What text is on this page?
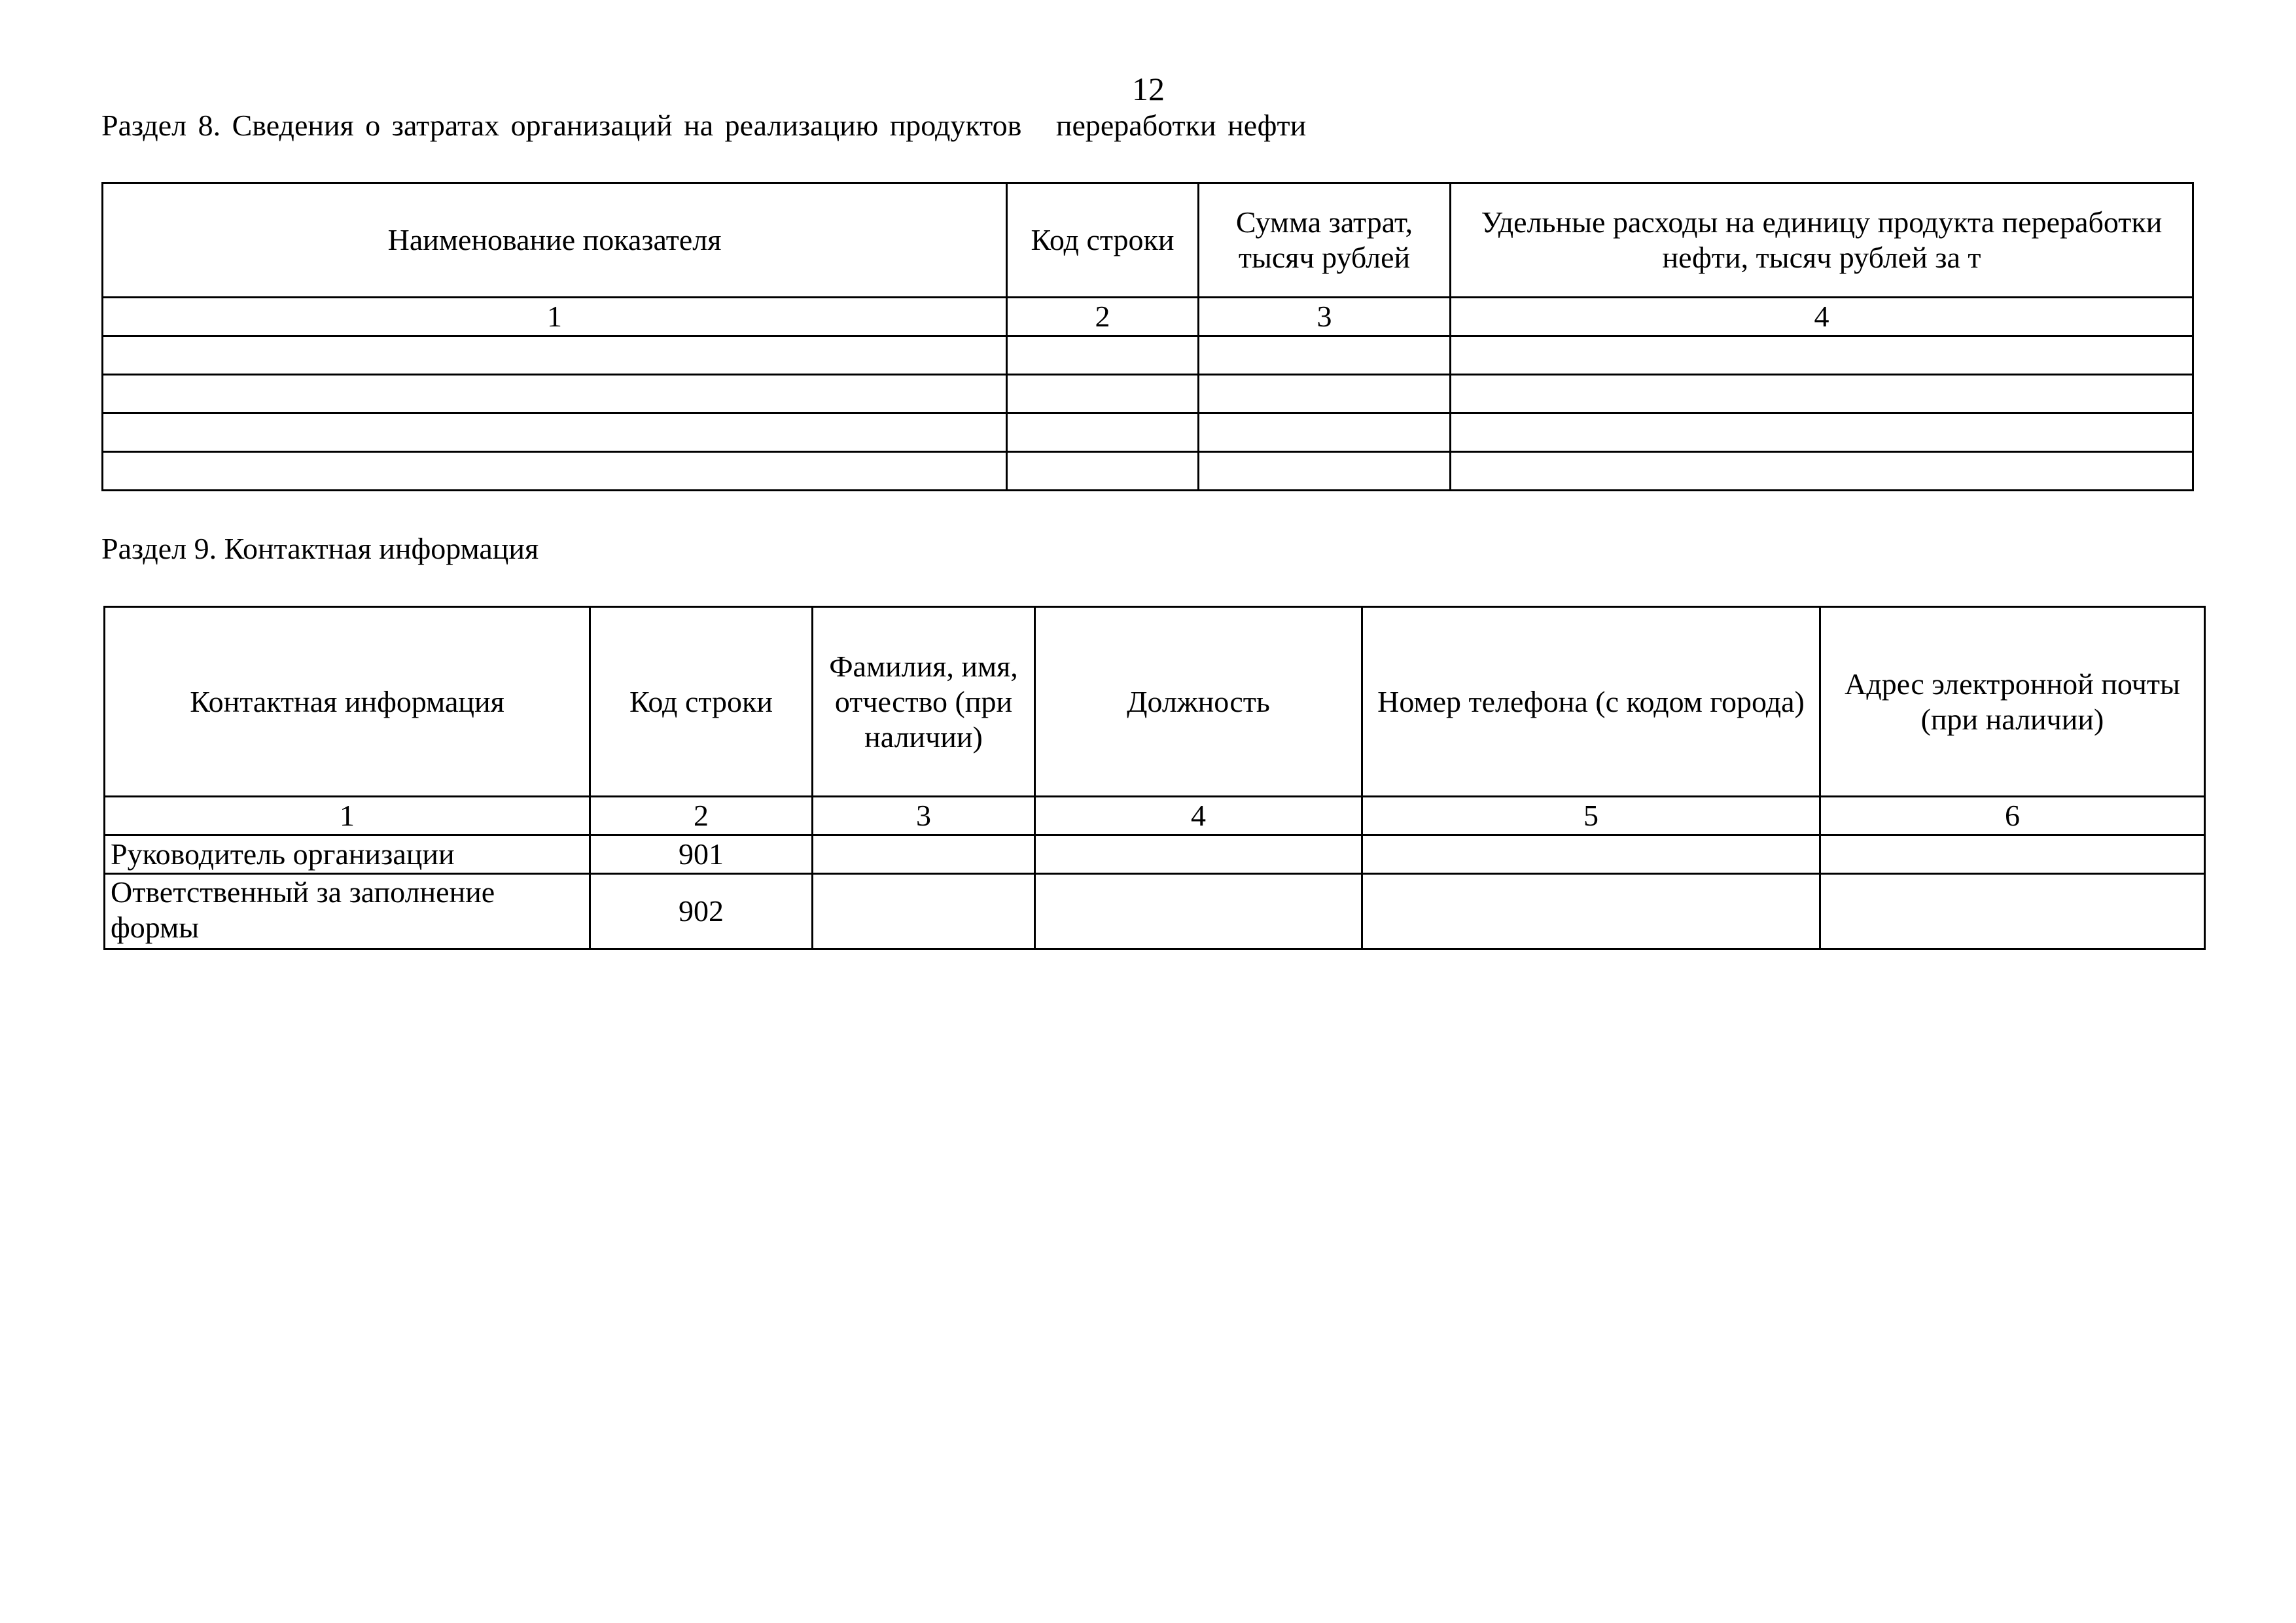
12
Раздел 8. Сведения о затратах организаций на реализацию продуктов   переработки нефти
Наименование показателя	Код строки	Сумма затрат, тысяч рублей	Удельные расходы на единицу продукта переработки нефти, тысяч рублей за т
1	2	3	4

Раздел 9. Контактная информация
Контактная информация	Код строки	Фамилия, имя, отчество (при наличии)	Должность	Номер телефона (с кодом города)	Адрес электронной почты (при наличии)
1	2	3	4	5	6
Руководитель организации	901				
Ответственный за заполнение формы	902				
